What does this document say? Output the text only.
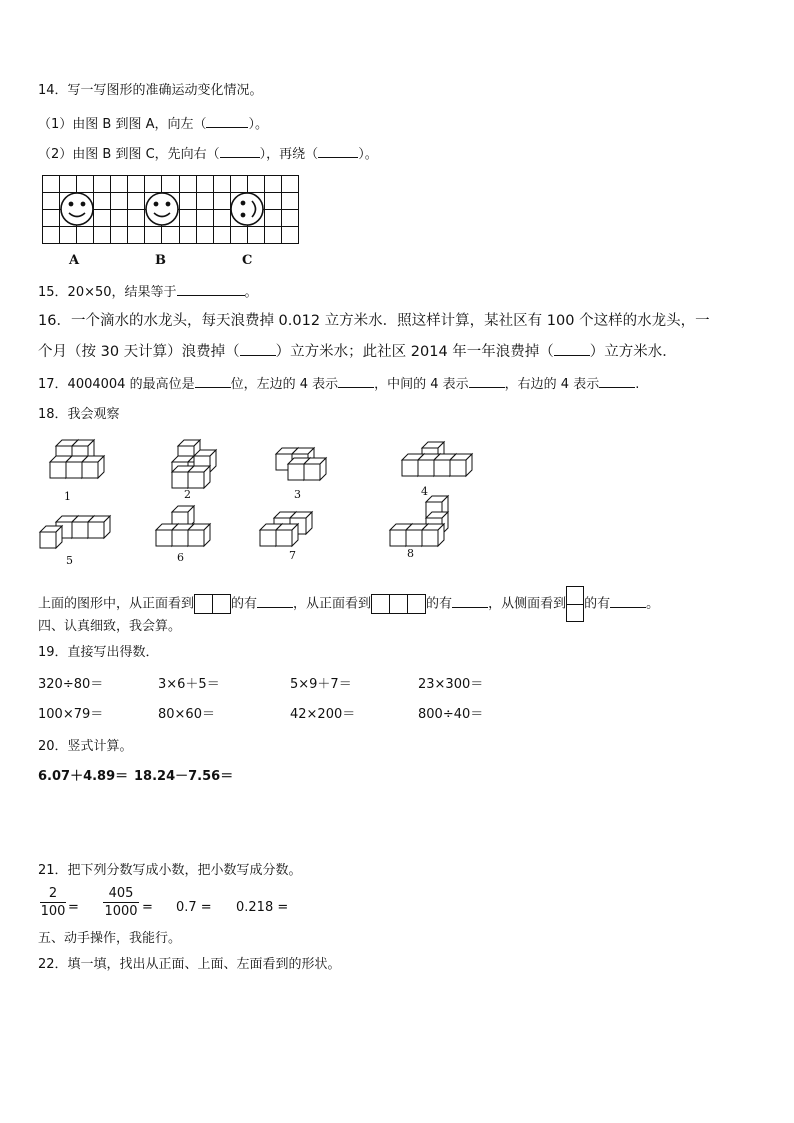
14．写一写图形的准确运动变化情况。
（1）由图 B 到图 A，向左（	）。
（2）由图 B 到图 C，先向右（	），再绕（	）。
A	B	C
15．20×50，结果等于	。
16．一个滴水的水龙头，每天浪费掉 0.012 立方米水．照这样计算，某社区有 100 个这样的水龙头，一
个月（按 30 天计算）浪费掉（ ）立方米水；此社区 2014 年一年浪费掉（ ）立方米水．
17．4004004 的最高位是	位，左边的 4 表示	，中间的 4 表示	，右边的 4 表示	.
18．我会观察
1	2	3	4
5	6	7	8
上面的图形中，从正面看到	的有	，从正面看到	的有	，从侧面看到 的有	。
四、认真细致，我会算。
19．直接写出得数．
320÷80＝	3×6＋5＝	5×9＋7＝	23×300＝
100×79＝	80×60＝	42×200＝	800÷40＝
20．竖式计算。
6.07＋4.89＝ 18.24－7.56＝
21．把下列分数写成小数，把小数写成分数。
2
100 =
405
1000 = 0.7 = 0.218 =
五、动手操作，我能行。
22．填一填，找出从正面、上面、左面看到的形状。
